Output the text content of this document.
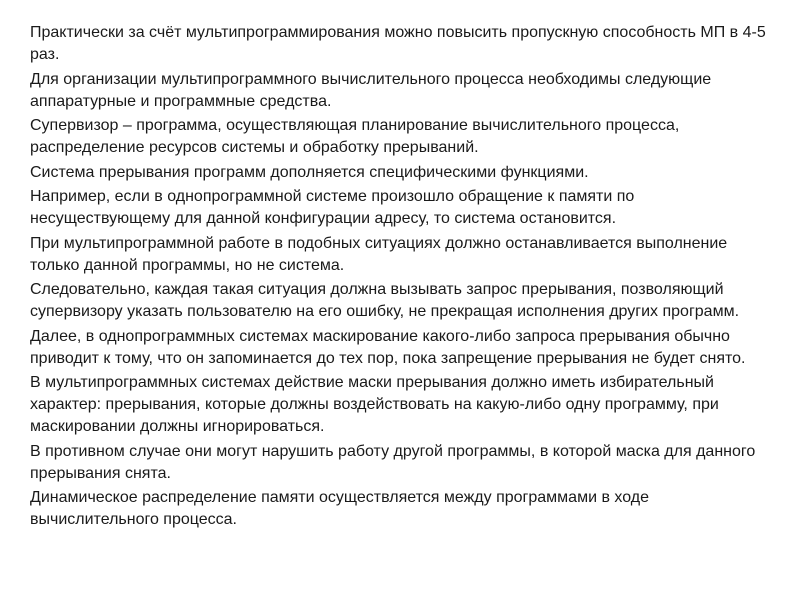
Практически за счёт мультипрограммирования можно повысить пропускную способность МП в 4-5 раз.

Для организации мультипрограммного вычислительного процесса необходимы следующие аппаратурные и программные средства.

Супервизор – программа, осуществляющая планирование вычислительного процесса, распределение ресурсов системы и обработку прерываний.

Система прерывания программ дополняется специфическими функциями.

Например, если в однопрограммной системе произошло обращение к памяти по несуществующему для данной конфигурации адресу, то система остановится.

При мультипрограммной работе в подобных ситуациях должно останавливается выполнение только данной программы, но не система.

Следовательно, каждая такая ситуация должна вызывать запрос прерывания, позволяющий супервизору указать пользователю на его ошибку, не прекращая исполнения других программ.

Далее, в однопрограммных системах маскирование какого-либо запроса прерывания обычно приводит к тому, что он запоминается до тех пор, пока запрещение прерывания не будет снято.

В мультипрограммных системах действие маски прерывания должно иметь избирательный характер: прерывания, которые должны воздействовать на какую-либо одну программу, при маскировании должны игнорироваться.

В противном случае они могут нарушить работу другой программы, в которой маска для данного прерывания снята.

Динамическое распределение памяти осуществляется между программами в ходе вычислительного процесса.
